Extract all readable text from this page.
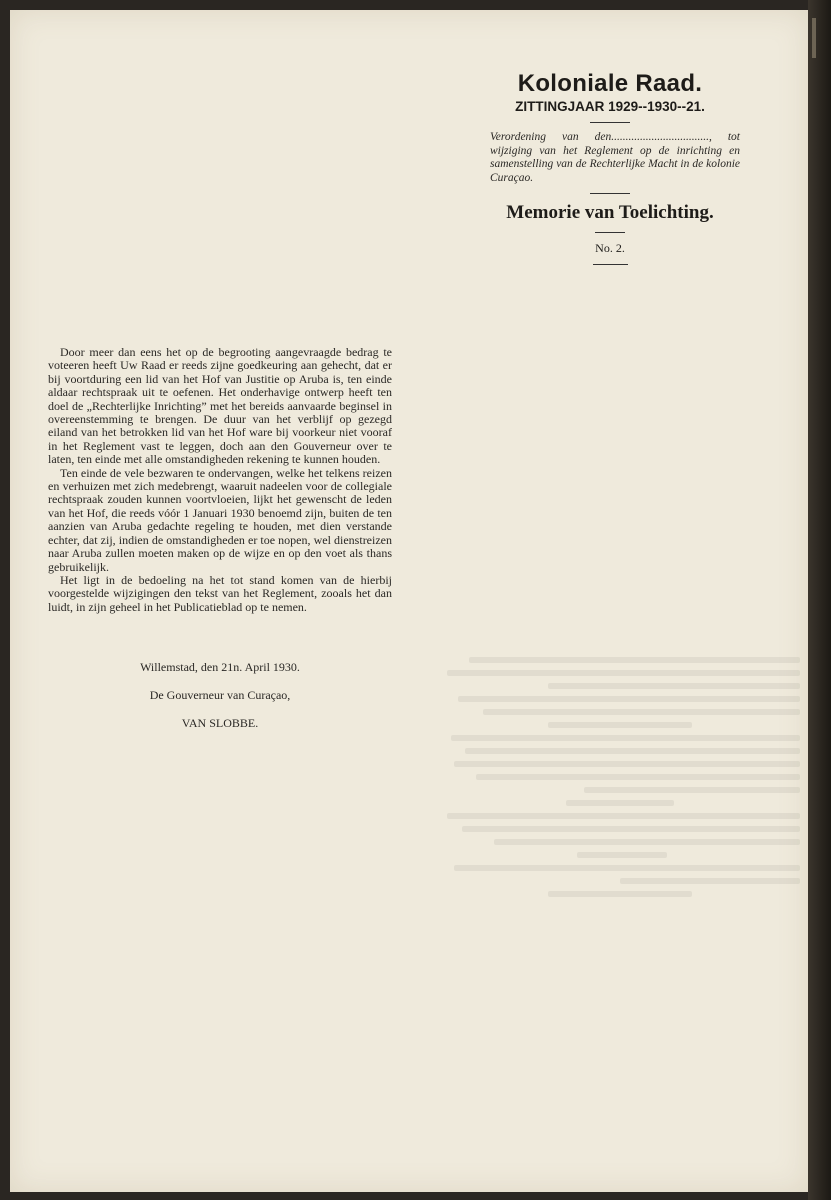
Koloniale Raad.
ZITTINGJAAR 1929--1930--21.
Verordening van den.................................., tot wijziging van het Reglement op de inrichting en samenstelling van de Rechterlijke Macht in de kolonie Curaçao.
Memorie van Toelichting.
No. 2.

Door meer dan eens het op de begrooting aangevraagde bedrag te voteeren heeft Uw Raad er reeds zijne goedkeuring aan gehecht, dat er bij voortduring een lid van het Hof van Justitie op Aruba is, ten einde aldaar rechtspraak uit te oefenen. Het onderhavige ontwerp heeft ten doel de „Rechterlijke Inrichting” met het bereids aanvaarde beginsel in overeenstemming te brengen. De duur van het verblijf op gezegd eiland van het betrokken lid van het Hof ware bij voorkeur niet vooraf in het Reglement vast te leggen, doch aan den Gouverneur over te laten, ten einde met alle omstandigheden rekening te kunnen houden.

Ten einde de vele bezwaren te ondervangen, welke het telkens reizen en verhuizen met zich medebrengt, waaruit nadeelen voor de collegiale rechtspraak zouden kunnen voortvloeien, lijkt het gewenscht de leden van het Hof, die reeds vóór 1 Januari 1930 benoemd zijn, buiten de ten aanzien van Aruba gedachte regeling te houden, met dien verstande echter, dat zij, indien de omstandigheden er toe nopen, wel dienstreizen naar Aruba zullen moeten maken op de wijze en op den voet als thans gebruikelijk.

Het ligt in de bedoeling na het tot stand komen van de hierbij voorgestelde wijzigingen den tekst van het Reglement, zooals het dan luidt, in zijn geheel in het Publicatieblad op te nemen.

Willemstad, den 21n. April 1930.
De Gouverneur van Curaçao,
VAN SLOBBE.
